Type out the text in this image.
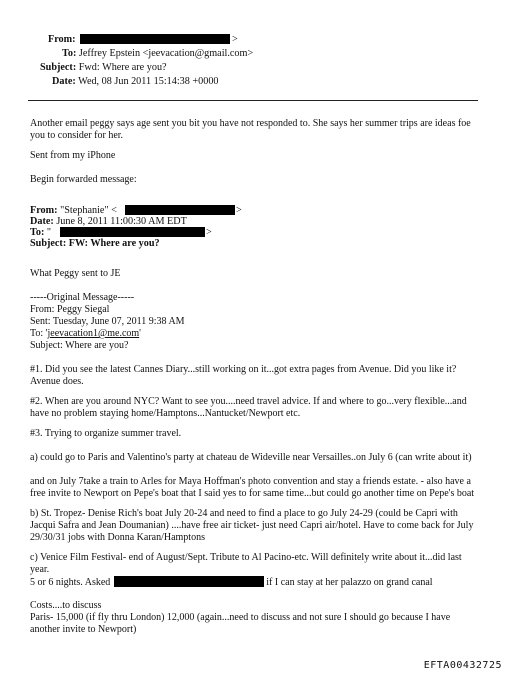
From:	>
To: Jeffrey Epstein <jeevacation@gmail.com>
Subject: Fwd: Where are you?
Date: Wed, 08 Jun 2011 15:14:38 +0000
Another email peggy says age sent you bit you have not responded to. She says her summer trips are ideas foe you to consider for her.
Sent from my iPhone
Begin forwarded message:
From: "Stephanie" <	>
Date: June 8, 2011 11:00:30 AM EDT
To: "	>
Subject: FW: Where are you?
What Peggy sent to JE
-----Original Message-----
From: Peggy Siegal
Sent: Tuesday, June 07, 2011 9:38 AM
To: 'jeevacation1@me.com'
Subject: Where are you?
#1. Did you see the latest Cannes Diary...still working on it...got extra pages from Avenue. Did you like it? Avenue does.
#2. When are you around NYC? Want to see you....need travel advice. If and where to go...very flexible...and have no problem staying home/Hamptons...Nantucket/Newport etc.
#3. Trying to organize summer travel.
a) could go to Paris and Valentino's party at chateau de Wideville near Versailles..on July 6 (can write about it)
and on July 7take a train to Arles for Maya Hoffman's photo convention and stay a friends estate. - also have a free invite to Newport on Pepe's boat that I said yes to for same time...but could go another time on Pepe's boat
b) St. Tropez- Denise Rich's boat July 20-24 and need to find a place to go July 24-29 (could be Capri with Jacqui Safra and Jean Doumanian) ....have free air ticket- just need Capri air/hotel. Have to come back for July 29/30/31 jobs with Donna Karan/Hamptons
c) Venice Film Festival- end of August/Sept. Tribute to Al Pacino-etc. Will definitely write about it...did last year.
5 or 6 nights. Asked	if I can stay at her palazzo on grand canal
Costs....to discuss
Paris- 15,000 (if fly thru London) 12,000 (again...need to discuss and not sure I should go because I have another invite to Newport)
EFTA00432725
